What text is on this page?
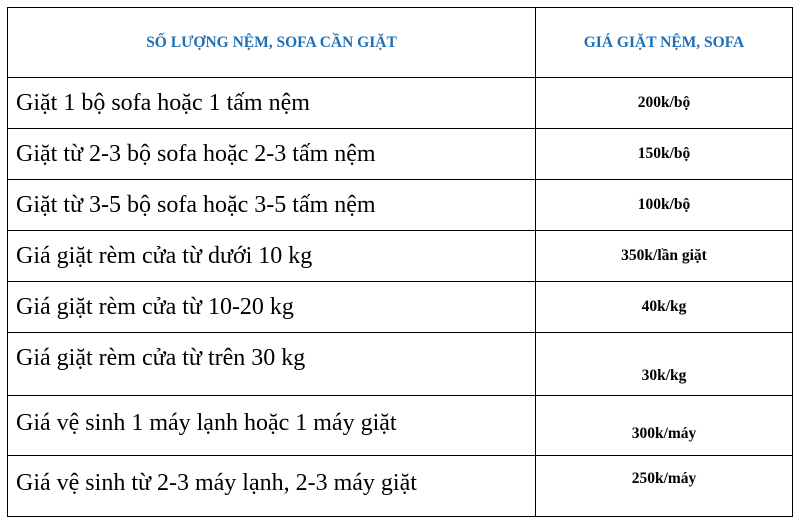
SỐ LƯỢNG NỆM, SOFA CẦN GIẶT	GIÁ GIẶT NỆM, SOFA
Giặt 1 bộ sofa hoặc 1 tấm nệm	200k/bộ
Giặt từ 2-3 bộ sofa hoặc 2-3 tấm nệm	150k/bộ
Giặt từ 3-5 bộ sofa hoặc 3-5 tấm nệm	100k/bộ
Giá giặt rèm cửa từ dưới 10 kg	350k/lần giặt
Giá giặt rèm cửa từ 10-20 kg	40k/kg
Giá giặt rèm cửa từ trên 30 kg	30k/kg
Giá vệ sinh 1 máy lạnh hoặc 1 máy giặt	300k/máy
Giá vệ sinh từ 2-3 máy lạnh, 2-3 máy giặt	250k/máy
